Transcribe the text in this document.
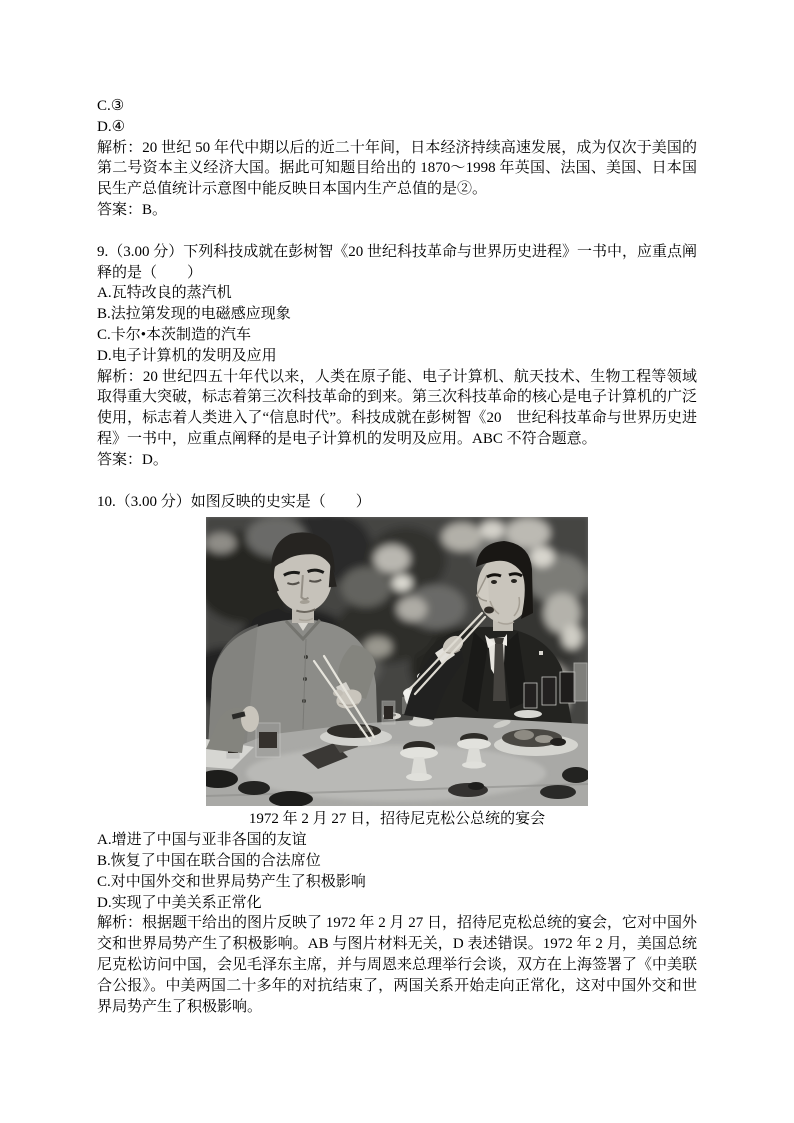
C.③

D.④

解析：20 世纪 50 年代中期以后的近二十年间，日本经济持续高速发展，成为仅次于美国的第二号资本主义经济大国。据此可知题目给出的 1870～1998 年英国、法国、美国、日本国民生产总值统计示意图中能反映日本国内生产总值的是②。

答案：B。

9.（3.00 分）下列科技成就在彭树智《20 世纪科技革命与世界历史进程》一书中，应重点阐释的是（　　）

A.瓦特改良的蒸汽机

B.法拉第发现的电磁感应现象

C.卡尔•本茨制造的汽车

D.电子计算机的发明及应用

解析：20 世纪四五十年代以来，人类在原子能、电子计算机、航天技术、生物工程等领域取得重大突破，标志着第三次科技革命的到来。第三次科技革命的核心是电子计算机的广泛使用，标志着人类进入了“信息时代”。科技成就在彭树智《20　世纪科技革命与世界历史进程》一书中，应重点阐释的是电子计算机的发明及应用。ABC 不符合题意。

答案：D。

10.（3.00 分）如图反映的史实是（　　）

1972 年 2 月 27 日，招待尼克松公总统的宴会

A.增进了中国与亚非各国的友谊

B.恢复了中国在联合国的合法席位

C.对中国外交和世界局势产生了积极影响

D.实现了中美关系正常化

解析：根据题干给出的图片反映了 1972 年 2 月 27 日，招待尼克松总统的宴会，它对中国外交和世界局势产生了积极影响。AB 与图片材料无关，D 表述错误。1972 年 2 月，美国总统尼克松访问中国，会见毛泽东主席，并与周恩来总理举行会谈，双方在上海签署了《中美联合公报》。中美两国二十多年的对抗结束了，两国关系开始走向正常化，这对中国外交和世界局势产生了积极影响。
